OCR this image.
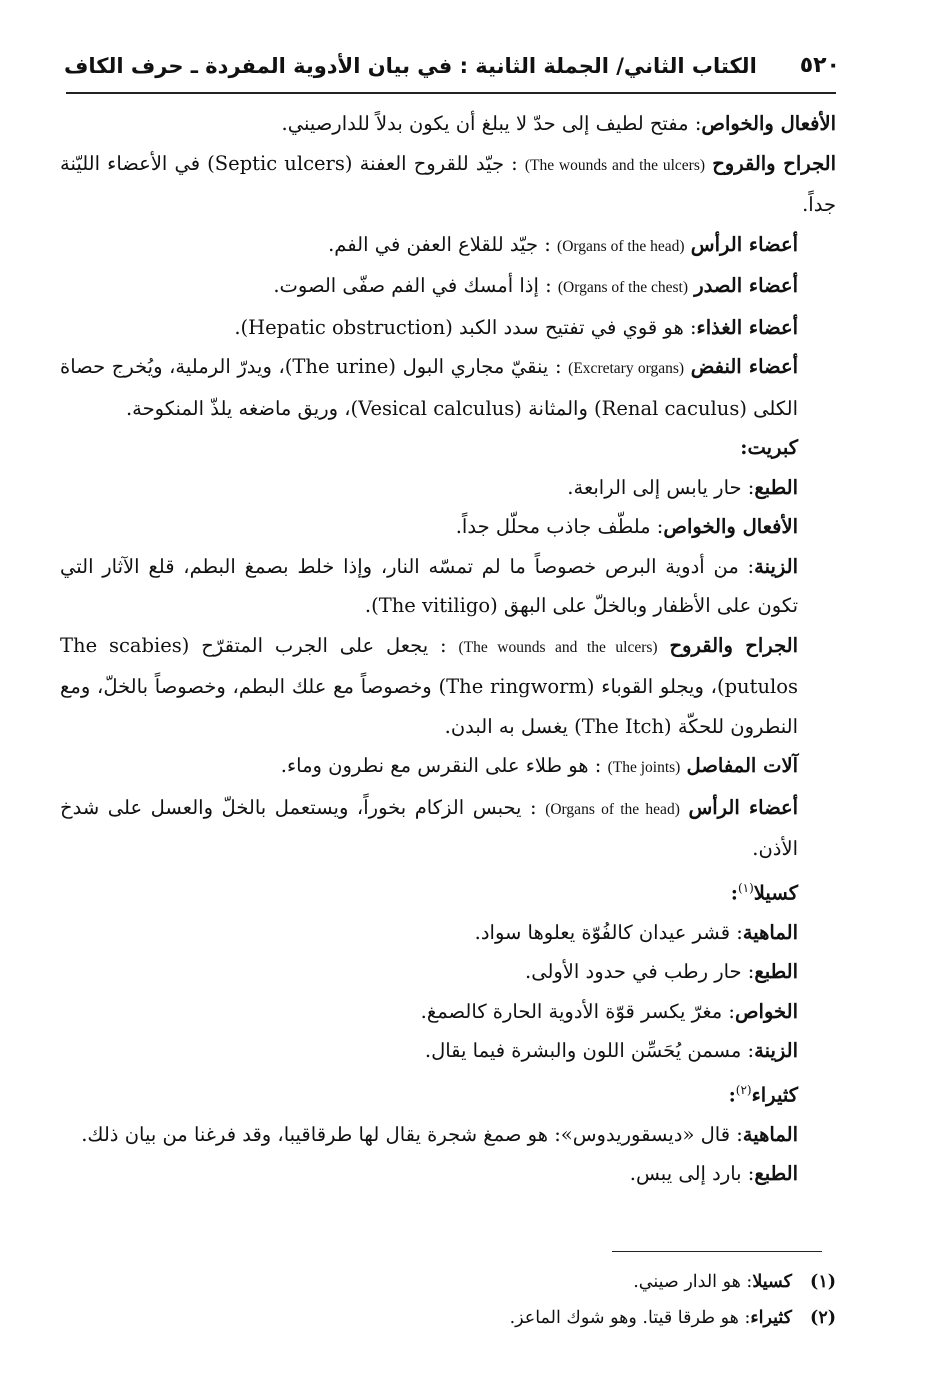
٥٢٠
الكتاب الثاني/ الجملة الثانية : في بيان الأدوية المفردة ـ حرف الكاف

الأفعال والخواص: مفتح لطيف إلى حدّ لا يبلغ أن يكون بدلاً للدارصيني.

الجراح والقروح (The wounds and the ulcers) : جيّد للقروح العفنة (Septic ulcers) في الأعضاء الليّنة جداً.

أعضاء الرأس (Organs of the head) : جيّد للقلاع العفن في الفم.

أعضاء الصدر (Organs of the chest) : إذا أمسك في الفم صفّى الصوت.

أعضاء الغذاء: هو قوي في تفتيح سدد الكبد (Hepatic obstruction).

أعضاء النفض (Excretary organs) : ينقيّ مجاري البول (The urine)، ويدرّ الرملية، ويُخرج حصاة الكلى (Renal caculus) والمثانة (Vesical calculus)، وريق ماضغه يلذّ المنكوحة.

كبريت:

الطبع: حار يابس إلى الرابعة.

الأفعال والخواص: ملطّف جاذب محلّل جداً.

الزينة: من أدوية البرص خصوصاً ما لم تمسّه النار، وإذا خلط بصمغ البطم، قلع الآثار التي تكون على الأظفار وبالخلّ على البهق (The vitiligo).

الجراح والقروح (The wounds and the ulcers) : يجعل على الجرب المتقرّح (The scabies putulos)، ويجلو القوباء (The ringworm) وخصوصاً مع علك البطم، وخصوصاً بالخلّ، ومع النطرون للحكّة (The Itch) يغسل به البدن.

آلات المفاصل (The joints) : هو طلاء على النقرس مع نطرون وماء.

أعضاء الرأس (Organs of the head) : يحبس الزكام بخوراً، ويستعمل بالخلّ والعسل على شدخ الأذن.

كسيلا$^{(١)}$:

الماهية: قشر عيدان كالفُوّة يعلوها سواد.

الطبع: حار رطب في حدود الأولى.

الخواص: مغرّ يكسر قوّة الأدوية الحارة كالصمغ.

الزينة: مسمن يُحَسِّن اللون والبشرة فيما يقال.

كثيراء$^{(٢)}$:

الماهية: قال «ديسقوريدوس»: هو صمغ شجرة يقال لها طرقاقيبا، وقد فرغنا من بيان ذلك.

الطبع: بارد إلى يبس.

(١)كسيلا: هو الدار صيني.
(٢)كثيراء: هو طرقا قيتا. وهو شوك الماعز.
